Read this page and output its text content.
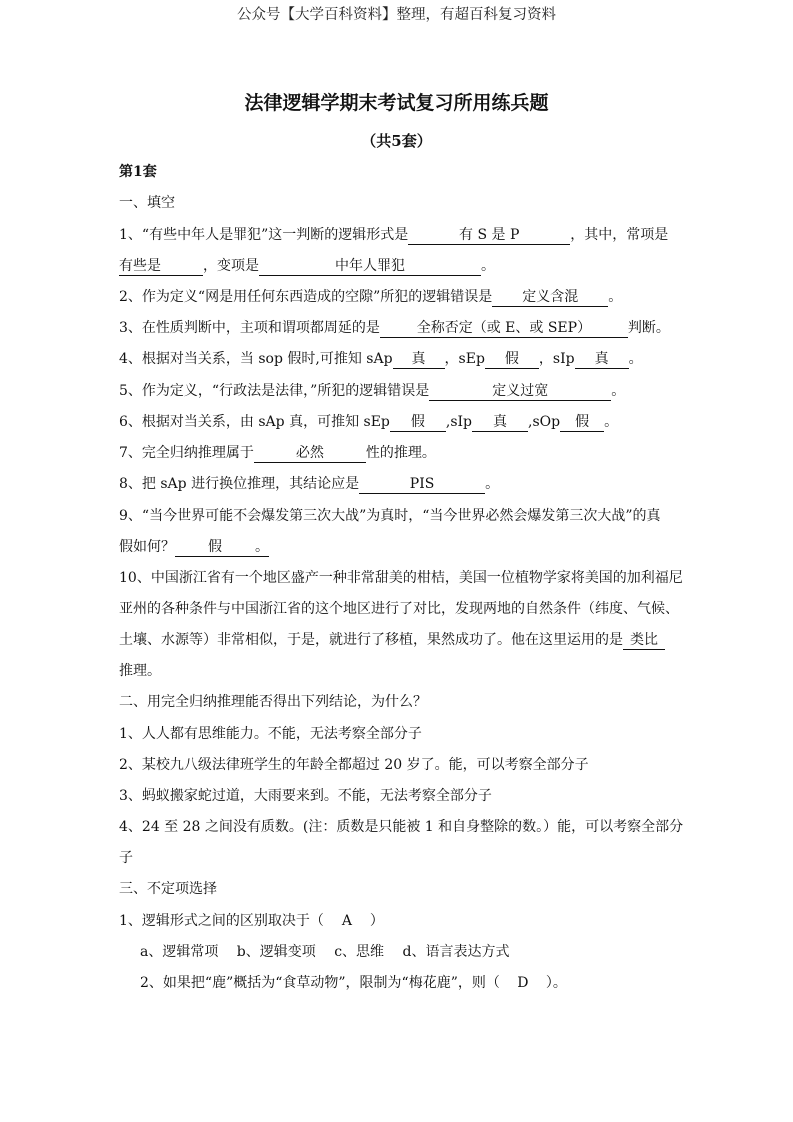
公众号【大学百科资料】整理，有超百科复习资料
法律逻辑学期末考试复习所用练兵题
（共5套）
第1套
一、填空
1、“有些中年人是罪犯”这一判断的逻辑形式是	有 S 是 P	，其中，常项是
有些是	，变项是	中年人罪犯	。
2、作为定义“网是用任何东西造成的空隙”所犯的逻辑错误是 定义含混 。
3、在性质判断中，主项和谓项都周延的是	全称否定（或 E、或 SEP）	判断。
4、根据对当关系，当 sop 假时,可推知 sAp 真 ，sEp 假 ，sIp 真 。
5、作为定义，“行政法是法律，”所犯的逻辑错误是	定义过宽	。
6、根据对当关系，由 sAp 真，可推知 sEp 假 ,sIp 真 ,sOp 假 。
7、完全归纳推理属于	必然	性的推理。
8、把 sAp 进行换位推理，其结论应是	PIS	。
9、“当今世界可能不会爆发第三次大战”为真时，“当今世界必然会爆发第三次大战”的真
假如何？ 假 。
10、中国浙江省有一个地区盛产一种非常甜美的柑桔，美国一位植物学家将美国的加利福尼
亚州的各种条件与中国浙江省的这个地区进行了对比，发现两地的自然条件（纬度、气候、
土壤、水源等）非常相似，于是，就进行了移植，果然成功了。他在这里运用的是 类比
推理。
二、用完全归纳推理能否得出下列结论，为什么？
1、人人都有思维能力。不能，无法考察全部分子
2、某校九八级法律班学生的年龄全都超过 20 岁了。能，可以考察全部分子
3、蚂蚁搬家蛇过道，大雨要来到。不能，无法考察全部分子
4、24 至 28 之间没有质数。(注：质数是只能被 1 和自身整除的数。）能，可以考察全部分
子
三、不定项选择
1、逻辑形式之间的区别取决于（ A ）
a、逻辑常项　 b、逻辑变项　 c、思维　 d、语言表达方式
2、如果把“鹿”概括为“食草动物”，限制为“梅花鹿”，则（ D ）。
